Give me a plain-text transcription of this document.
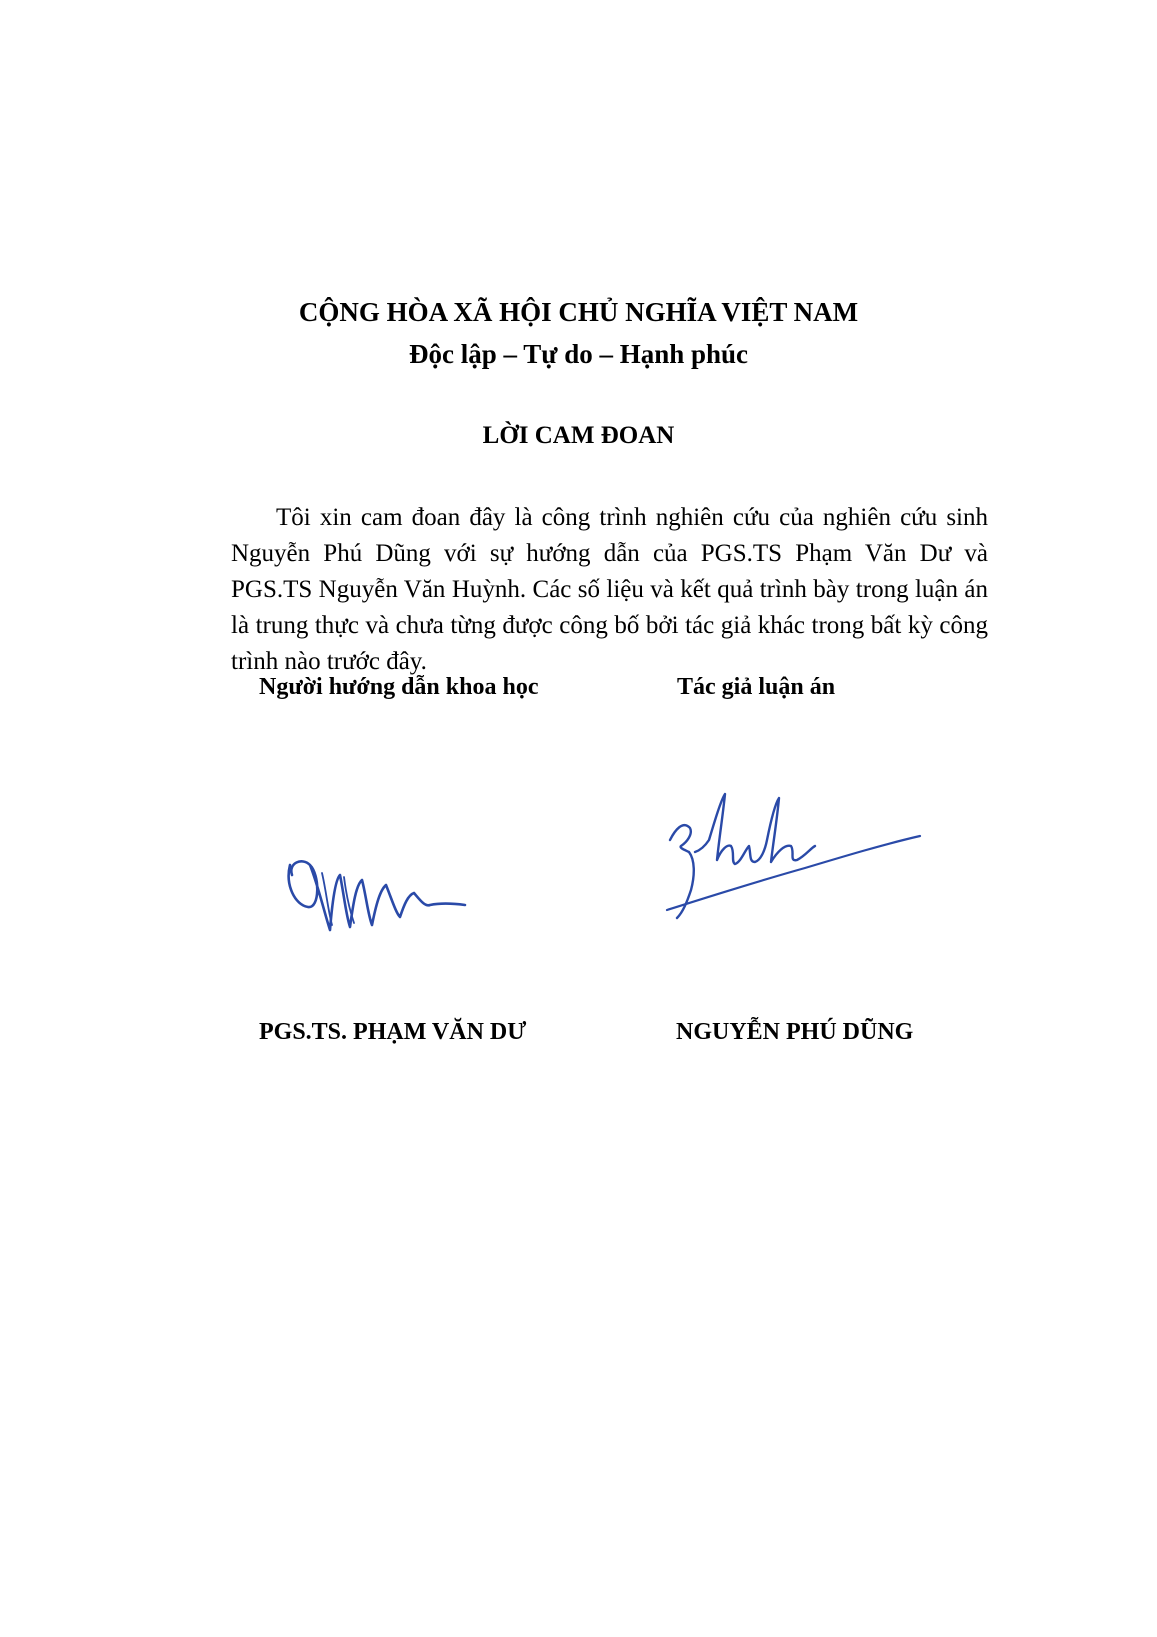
CỘNG HÒA XÃ HỘI CHỦ NGHĨA VIỆT NAM
Độc lập – Tự do – Hạnh phúc
LỜI CAM ĐOAN

Tôi xin cam đoan đây là công trình nghiên cứu của nghiên cứu sinh Nguyễn Phú Dũng với sự hướng dẫn của PGS.TS Phạm Văn Dư và PGS.TS Nguyễn Văn Huỳnh. Các số liệu và kết quả trình bày trong luận án là trung thực và chưa từng được công bố bởi tác giả khác trong bất kỳ công trình nào trước đây.

Người hướng dẫn khoa học	Tác giả luận án
PGS.TS. PHẠM VĂN DƯ	NGUYỄN PHÚ DŨNG
